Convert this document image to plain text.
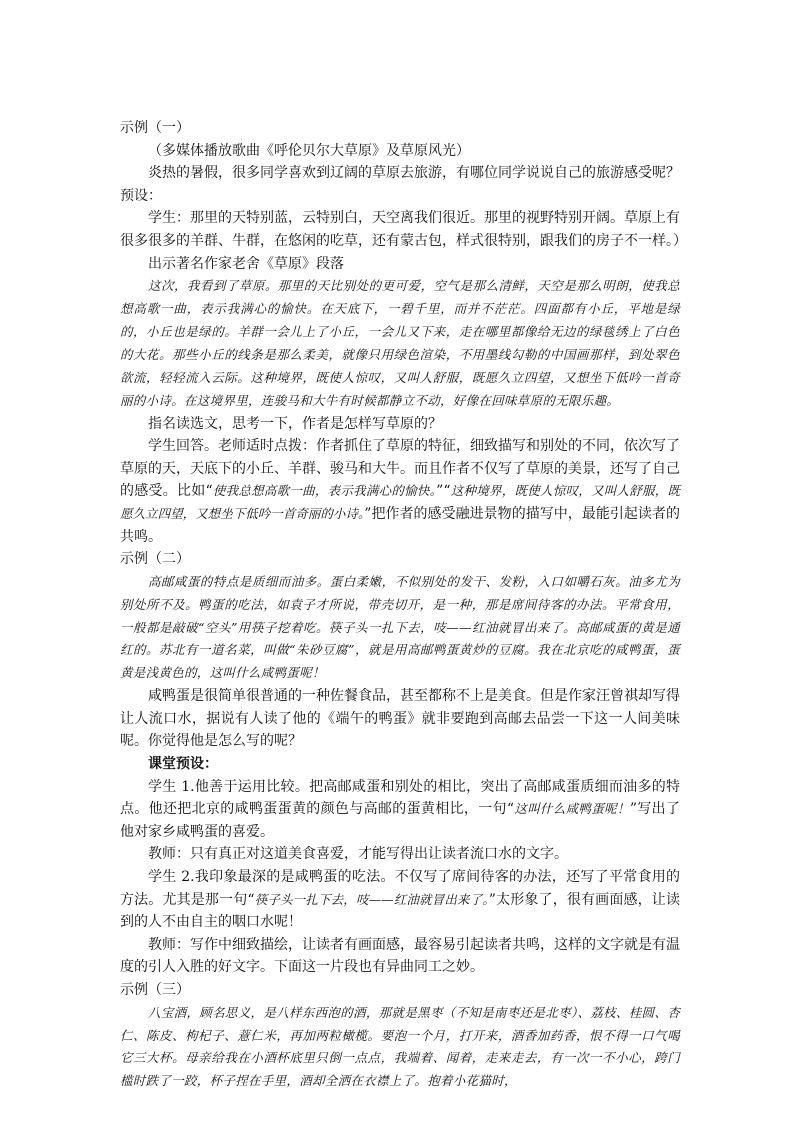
示例（一）

（多媒体播放歌曲《呼伦贝尔大草原》及草原风光）

炎热的暑假，很多同学喜欢到辽阔的草原去旅游，有哪位同学说说自己的旅游感受呢？

预设：

学生：那里的天特别蓝，云特别白，天空离我们很近。那里的视野特别开阔。草原上有很多很多的羊群、牛群，在悠闲的吃草，还有蒙古包，样式很特别，跟我们的房子不一样。）

出示著名作家老舍《草原》段落

这次，我看到了草原。那里的天比别处的更可爱，空气是那么清鲜，天空是那么明朗，使我总想高歌一曲，表示我满心的愉快。在天底下，一碧千里，而并不茫茫。四面都有小丘，平地是绿的，小丘也是绿的。羊群一会儿上了小丘，一会儿又下来，走在哪里都像给无边的绿毯绣上了白色的大花。那些小丘的线条是那么柔美，就像只用绿色渲染，不用墨线勾勒的中国画那样，到处翠色欲流，轻轻流入云际。这种境界，既使人惊叹，又叫人舒服，既愿久立四望，又想坐下低吟一首奇丽的小诗。在这境界里，连骏马和大牛有时候都静立不动，好像在回味草原的无限乐趣。

指名读选文，思考一下，作者是怎样写草原的？

学生回答。老师适时点拨：作者抓住了草原的特征，细致描写和别处的不同，依次写了草原的天，天底下的小丘、羊群、骏马和大牛。而且作者不仅写了草原的美景，还写了自己的感受。比如“使我总想高歌一曲，表示我满心的愉快。”“这种境界，既使人惊叹，又叫人舒服，既愿久立四望，又想坐下低吟一首奇丽的小诗。”把作者的感受融进景物的描写中，最能引起读者的共鸣。

示例（二）

高邮咸蛋的特点是质细而油多。蛋白柔嫩，不似别处的发干、发粉，入口如嚼石灰。油多尤为别处所不及。鸭蛋的吃法，如袁子才所说，带壳切开，是一种，那是席间待客的办法。平常食用，一般都是敲破“空头”用筷子挖着吃。筷子头一扎下去，吱——红油就冒出来了。高邮咸蛋的黄是通红的。苏北有一道名菜，叫做“朱砂豆腐”，就是用高邮鸭蛋黄炒的豆腐。我在北京吃的咸鸭蛋，蛋黄是浅黄色的，这叫什么咸鸭蛋呢！

咸鸭蛋是很简单很普通的一种佐餐食品，甚至都称不上是美食。但是作家汪曾祺却写得让人流口水，据说有人读了他的《端午的鸭蛋》就非要跑到高邮去品尝一下这一人间美味呢。你觉得他是怎么写的呢？

课堂预设：

学生 1.他善于运用比较。把高邮咸蛋和别处的相比，突出了高邮咸蛋质细而油多的特点。他还把北京的咸鸭蛋蛋黄的颜色与高邮的蛋黄相比，一句“这叫什么咸鸭蛋呢！”写出了他对家乡咸鸭蛋的喜爱。

教师：只有真正对这道美食喜爱，才能写得出让读者流口水的文字。

学生 2.我印象最深的是咸鸭蛋的吃法。不仅写了席间待客的办法，还写了平常食用的方法。尤其是那一句“筷子头一扎下去，吱——红油就冒出来了。”太形象了，很有画面感，让读到的人不由自主的咽口水呢！

教师：写作中细致描绘，让读者有画面感，最容易引起读者共鸣，这样的文字就是有温度的引人入胜的好文字。下面这一片段也有异曲同工之妙。

示例（三）

八宝酒，顾名思义，是八样东西泡的酒，那就是黑枣（不知是南枣还是北枣）、荔枝、桂圆、杏仁、陈皮、枸杞子、薏仁米，再加两粒橄榄。要泡一个月，打开来，酒香加药香，恨不得一口气喝它三大杯。母亲给我在小酒杯底里只倒一点点，我端着、闻着，走来走去，有一次一不小心，跨门槛时跌了一跤，杯子捏在手里，酒却全洒在衣襟上了。抱着小花猫时，
